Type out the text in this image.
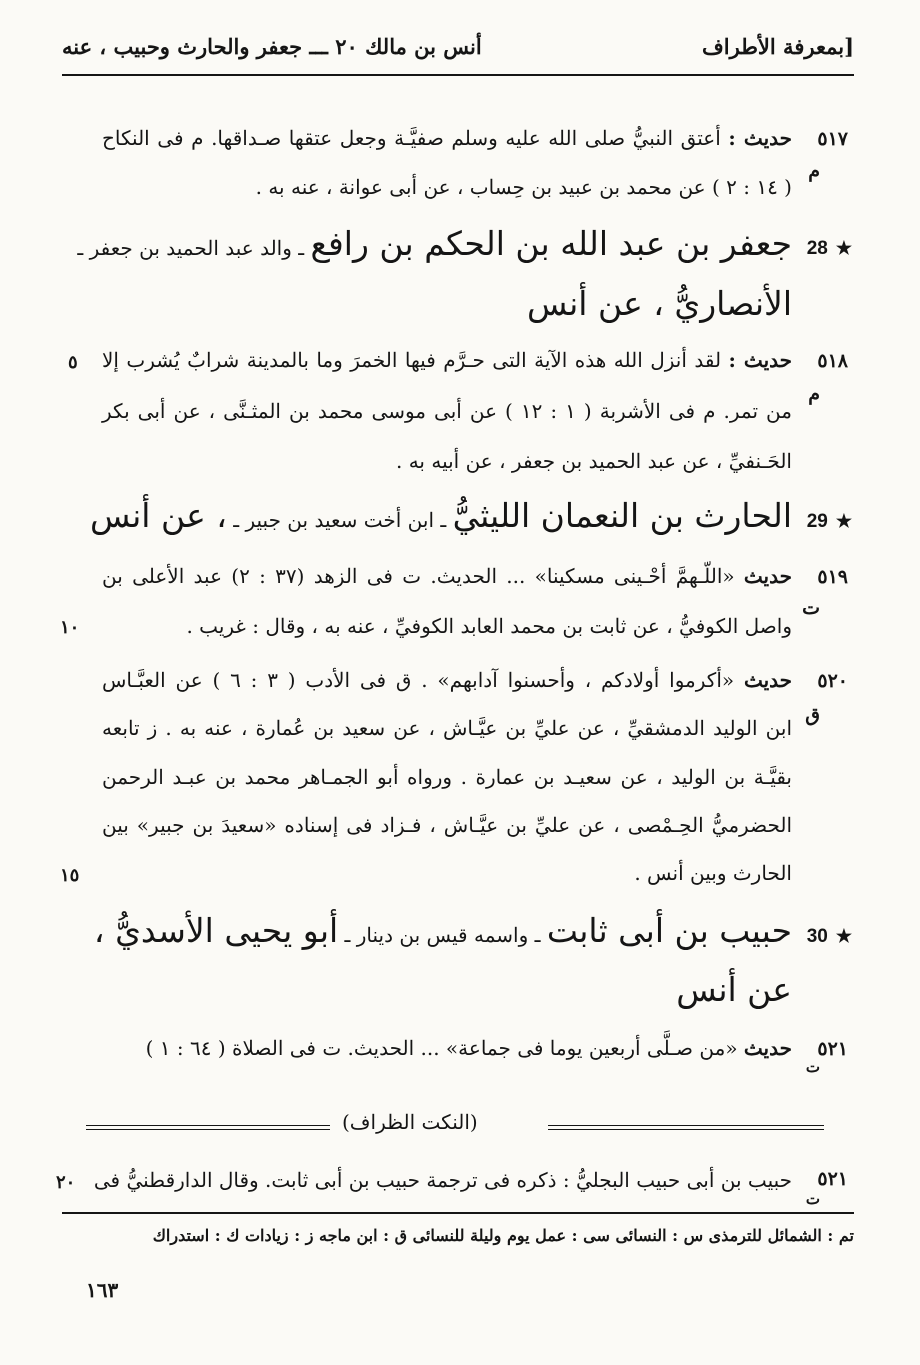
بمعرفة الأطراف]
أنس بن مالك ٢٠ ـــ جعفر والحارث وحبيب ، عنه
٥١٧
م
حديث : أعتق النبيُّ صلى الله عليه وسلم صفيَّـة وجعل عتقها صـداقها. م فى النكاح
( ١٤ : ٢ ) عن محمد بن عبيد بن حِساب ، عن أبى عوانة ، عنه به .
28 ★
جعفر بن عبد الله بن الحكم بن رافع ـ والد عبد الحميد بن جعفر ـ
الأنصاريُّ ، عن أنس
٥	٥١٨
م
حديث : لقد أنزل الله هذه الآية التى حـرَّم فيها الخمرَ وما بالمدينة شرابٌ يُشرب إلا
من تمر. م فى الأشربة ( ١ : ١٢ ) عن أبى موسى محمد بن المثـنَّى ، عن أبى بكر
الحَـنفيِّ ، عن عبد الحميد بن جعفر ، عن أبيه به .
29 ★
الحارث بن النعمان الليثيُّ ـ ابن أخت سعيد بن جبير ـ ، عن أنس
١٠
٥١٩
ت
حديث «اللّـهمَّ أحْـينى مسكينا» ... الحديث. ت فى الزهد (٣٧ : ٢) عبد الأعلى بن
واصل الكوفيُّ ، عن ثابت بن محمد العابد الكوفيِّ ، عنه به ، وقال : غريب .
١٥
٥٢٠
ق
حديث «أكرموا أولادكم ، وأحسنوا آدابهم» . ق فى الأدب ( ٣ : ٦ ) عن العبَّـاس
ابن الوليد الدمشقيِّ ، عن عليِّ بن عيَّـاش ، عن سعيد بن عُمارة ، عنه به . ز تابعه
بقيَّـة بن الوليد ، عن سعيـد بن عمارة . ورواه أبو الجمـاهر محمد بن عبـد الرحمن
الحضرميُّ الحِـمْصى ، عن عليِّ بن عيَّـاش ، فـزاد فى إسناده «سعيدَ بن جبير» بين
الحارث وبين أنس .
30 ★
حبيب بن أبى ثابت ـ واسمه قيس بن دينار ـ أبو يحيى الأسديُّ ،
عن أنس
٥٢١
ت
حديث «من صـلَّى أربعين يوما فى جماعة» ... الحديث. ت فى الصلاة ( ٦٤ : ١ )
(النكت الظراف)
٢٠	٥٢١
ت
حبيب بن أبى حبيب البجليُّ : ذكره فى ترجمة حبيب بن أبى ثابت. وقال الدارقطنيُّ فى
تم : الشمائل للترمذى س : النسائى سى : عمل يوم وليلة للنسائى ق : ابن ماجه ز : زيادات ك : استدراك
١٦٣
